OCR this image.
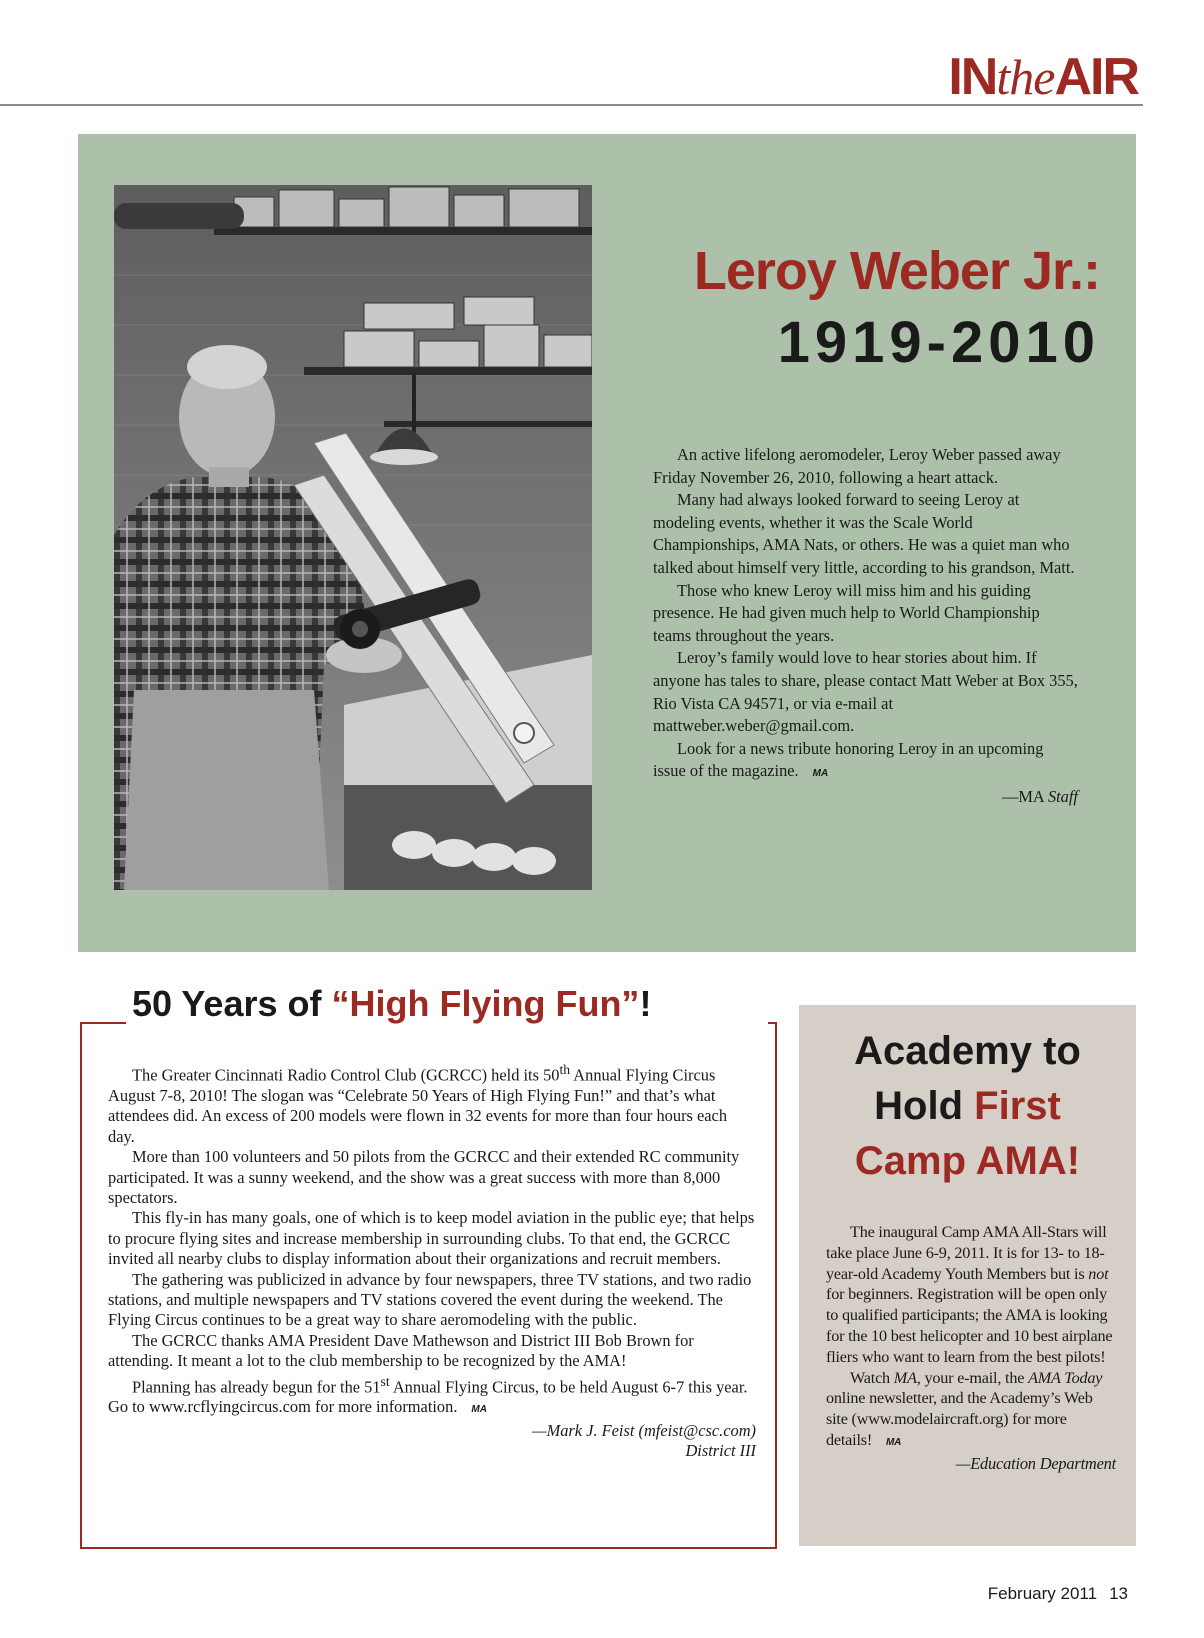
INtheAIR
Leroy Weber Jr.:
1919-2010

An active lifelong aeromodeler, Leroy Weber passed away Friday November 26, 2010, following a heart attack.

Many had always looked forward to seeing Leroy at modeling events, whether it was the Scale World Championships, AMA Nats, or others. He was a quiet man who talked about himself very little, according to his grandson, Matt.

Those who knew Leroy will miss him and his guiding presence. He had given much help to World Championship teams throughout the years.

Leroy’s family would love to hear stories about him. If anyone has tales to share, please contact Matt Weber at Box 355, Rio Vista CA 94571, or via e-mail at mattweber.weber@gmail.com.

Look for a news tribute honoring Leroy in an upcoming issue of the magazine. MA

—MA Staff
50 Years of “High Flying Fun”!

The Greater Cincinnati Radio Control Club (GCRCC) held its 50th Annual Flying Circus August 7-8, 2010! The slogan was “Celebrate 50 Years of High Flying Fun!” and that’s what attendees did. An excess of 200 models were flown in 32 events for more than four hours each day.

More than 100 volunteers and 50 pilots from the GCRCC and their extended RC community participated. It was a sunny weekend, and the show was a great success with more than 8,000 spectators.

This fly-in has many goals, one of which is to keep model aviation in the public eye; that helps to procure flying sites and increase membership in surrounding clubs. To that end, the GCRCC invited all nearby clubs to display information about their organizations and recruit members.

The gathering was publicized in advance by four newspapers, three TV stations, and two radio stations, and multiple newspapers and TV stations covered the event during the weekend. The Flying Circus continues to be a great way to share aeromodeling with the public.

The GCRCC thanks AMA President Dave Mathewson and District III Bob Brown for attending. It meant a lot to the club membership to be recognized by the AMA!

Planning has already begun for the 51st Annual Flying Circus, to be held August 6-7 this year. Go to www.rcflyingcircus.com for more information. MA

—Mark J. Feist (mfeist@csc.com)
District III
Academy to
Hold First
Camp AMA!

The inaugural Camp AMA All-Stars will take place June 6-9, 2011. It is for 13- to 18-year-old Academy Youth Members but is not for beginners. Registration will be open only to qualified participants; the AMA is looking for the 10 best helicopter and 10 best airplane fliers who want to learn from the best pilots!

Watch MA, your e-mail, the AMA Today online newsletter, and the Academy’s Web site (www.modelaircraft.org) for more details! MA

—Education Department
February 2011 13
